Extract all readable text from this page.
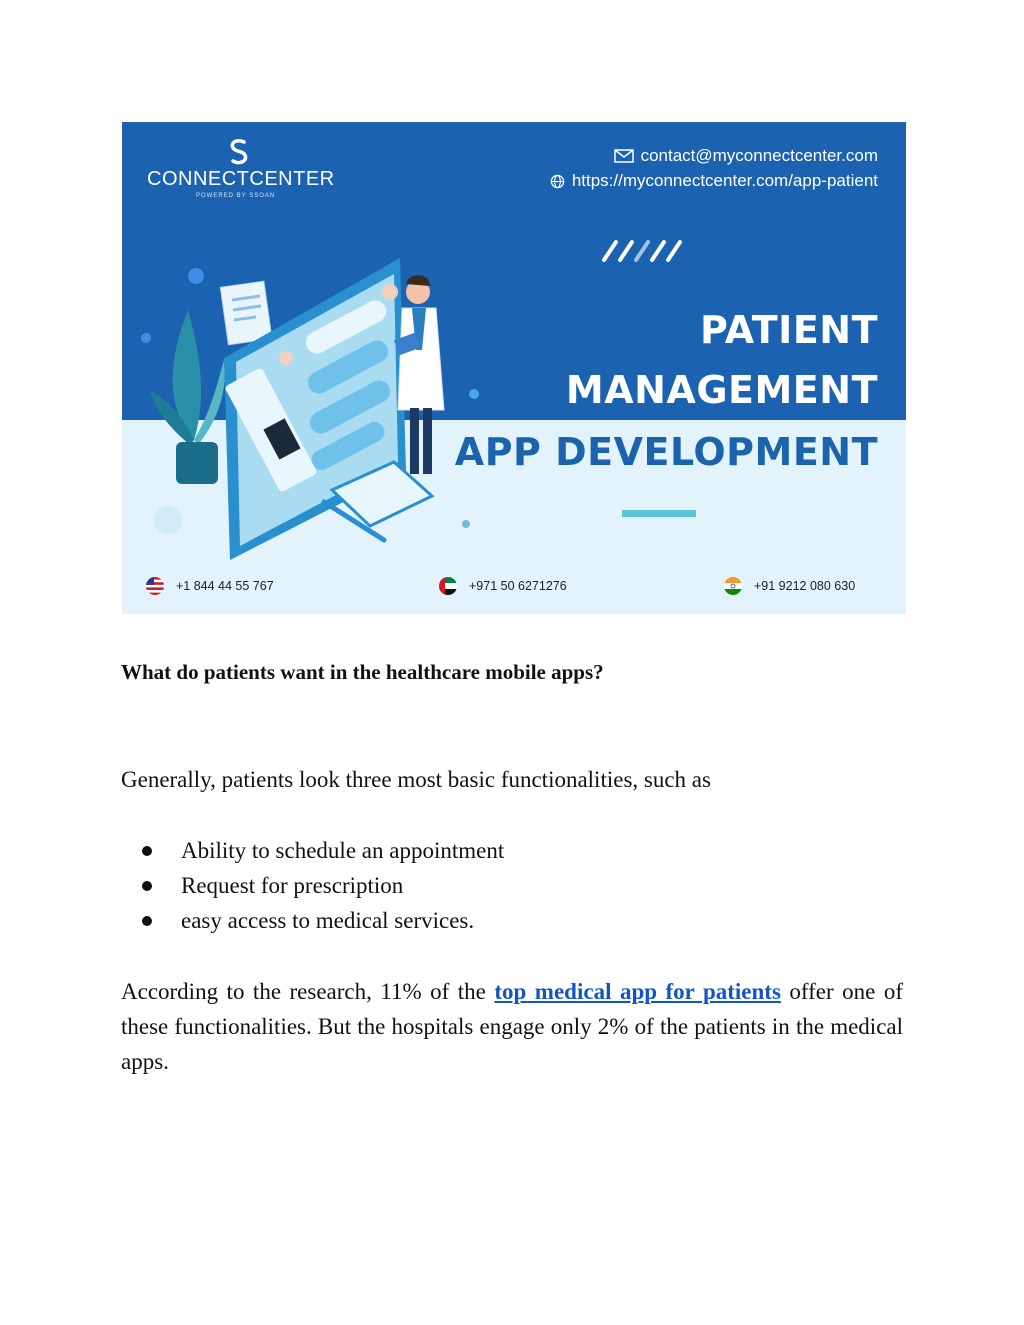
CONNECTCENTER
POWERED BY SSOAN
contact@myconnectcenter.com
https://myconnectcenter.com/app-patient
PATIENT
MANAGEMENT
APP DEVELOPMENT
+1 844 44 55 767	+971 50 6271276	+91 9212 080 630
What do patients want in the healthcare mobile apps?
Generally, patients look three most basic functionalities, such as
Ability to schedule an appointment
Request for prescription
easy access to medical services.
According to the research, 11% of the top medical app for patients offer one of these functionalities. But the hospitals engage only 2% of the patients in the medical apps.
